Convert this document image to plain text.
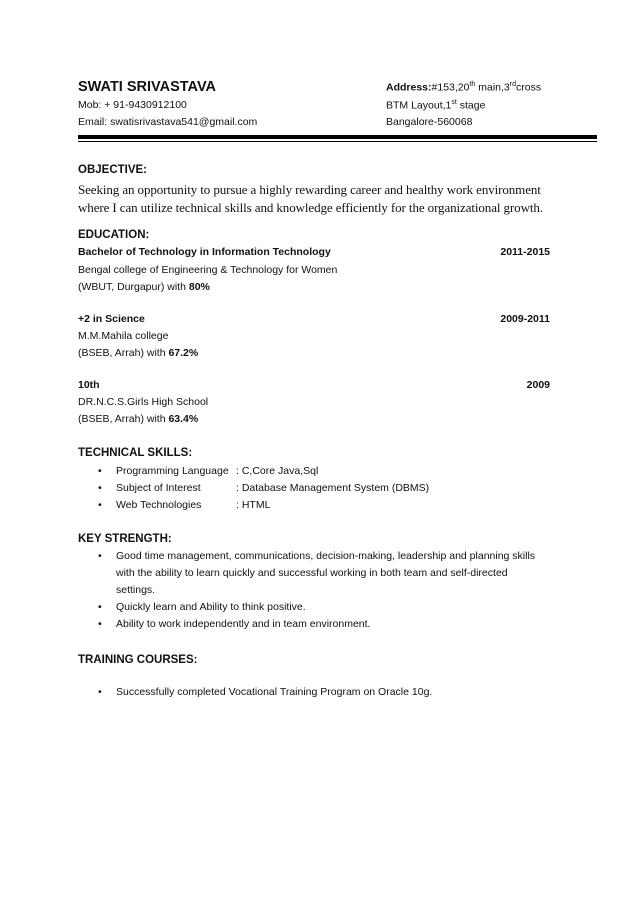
SWATI SRIVASTAVA
Mob: + 91-9430912100
Email: swatisrivastava541@gmail.com
Address:#153,20th main,3rdcross
BTM Layout,1st stage
Bangalore-560068
OBJECTIVE:
Seeking an opportunity to pursue a highly rewarding career and healthy work environment
where I can utilize technical skills and knowledge efficiently for the organizational growth.
EDUCATION:
Bachelor of Technology in Information Technology	2011-2015
Bengal college of Engineering & Technology for Women
(WBUT, Durgapur) with 80%
+2 in Science	2009-2011
M.M.Mahila college
(BSEB, Arrah) with 67.2%
10th	2009
DR.N.C.S.Girls High School
(BSEB, Arrah) with 63.4%
TECHNICAL SKILLS:
• Programming Language : C,Core Java,Sql
• Subject of Interest	: Database Management System (DBMS)
• Web Technologies	: HTML
KEY STRENGTH:
• Good time management, communications, decision-making, leadership and planning skills
with the ability to learn quickly and successful working in both team and self-directed
settings.
• Quickly learn and Ability to think positive.
• Ability to work independently and in team environment.
TRAINING COURSES:
• Successfully completed Vocational Training Program on Oracle 10g.
